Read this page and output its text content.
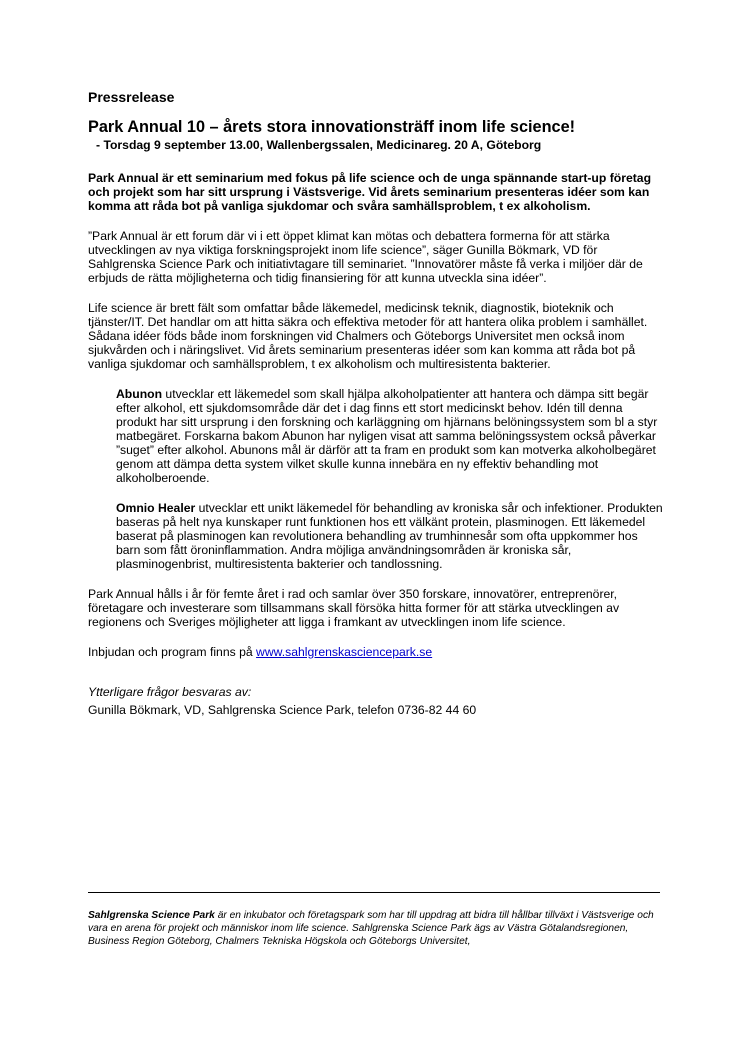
Pressrelease
Park Annual 10 – årets stora innovationsträff inom life science!
- Torsdag 9 september 13.00, Wallenbergssalen, Medicinareg. 20 A, Göteborg
Park Annual är ett seminarium med fokus på life science och de unga spännande start-up företag och projekt som har sitt ursprung i Västsverige. Vid årets seminarium presenteras idéer som kan komma att råda bot på vanliga sjukdomar och svåra samhällsproblem, t ex alkoholism.
”Park Annual är ett forum där vi i ett öppet klimat kan mötas och debattera formerna för att stärka utvecklingen av nya viktiga forskningsprojekt inom life science”, säger Gunilla Bökmark, VD för Sahlgrenska Science Park och initiativtagare till seminariet. ”Innovatörer måste få verka i miljöer där de erbjuds de rätta möjligheterna och tidig finansiering för att kunna utveckla sina idéer”.
Life science är brett fält som omfattar både läkemedel, medicinsk teknik, diagnostik, bioteknik och tjänster/IT. Det handlar om att hitta säkra och effektiva metoder för att hantera olika problem i samhället. Sådana idéer föds både inom forskningen vid Chalmers och Göteborgs Universitet men också inom sjukvården och i näringslivet. Vid årets seminarium presenteras idéer som kan komma att råda bot på vanliga sjukdomar och samhällsproblem, t ex alkoholism och multiresistenta bakterier.
Abunon utvecklar ett läkemedel som skall hjälpa alkoholpatienter att hantera och dämpa sitt begär efter alkohol, ett sjukdomsområde där det i dag finns ett stort medicinskt behov. Idén till denna produkt har sitt ursprung i den forskning och karläggning om hjärnans belöningssystem som bl a styr matbegäret. Forskarna bakom Abunon har nyligen visat att samma belöningssystem också påverkar ”suget” efter alkohol. Abunons mål är därför att ta fram en produkt som kan motverka alkoholbegäret genom att dämpa detta system vilket skulle kunna innebära en ny effektiv behandling mot alkoholberoende.
Omnio Healer utvecklar ett unikt läkemedel för behandling av kroniska sår och infektioner. Produkten baseras på helt nya kunskaper runt funktionen hos ett välkänt protein, plasminogen. Ett läkemedel baserat på plasminogen kan revolutionera behandling av trumhinnesår som ofta uppkommer hos barn som fått öroninflammation. Andra möjliga användningsområden är kroniska sår, plasminogenbrist, multiresistenta bakterier och tandlossning.
Park Annual hålls i år för femte året i rad och samlar över 350 forskare, innovatörer, entreprenörer, företagare och investerare som tillsammans skall försöka hitta former för att stärka utvecklingen av regionens och Sveriges möjligheter att ligga i framkant av utvecklingen inom life science.
Inbjudan och program finns på www.sahlgrenskasciencepark.se
Ytterligare frågor besvaras av:
Gunilla Bökmark, VD, Sahlgrenska Science Park, telefon 0736-82 44 60
Sahlgrenska Science Park är en inkubator och företagspark som har till uppdrag att bidra till hållbar tillväxt i Västsverige och vara en arena för projekt och människor inom life science. Sahlgrenska Science Park ägs av Västra Götalandsregionen, Business Region Göteborg, Chalmers Tekniska Högskola och Göteborgs Universitet,
